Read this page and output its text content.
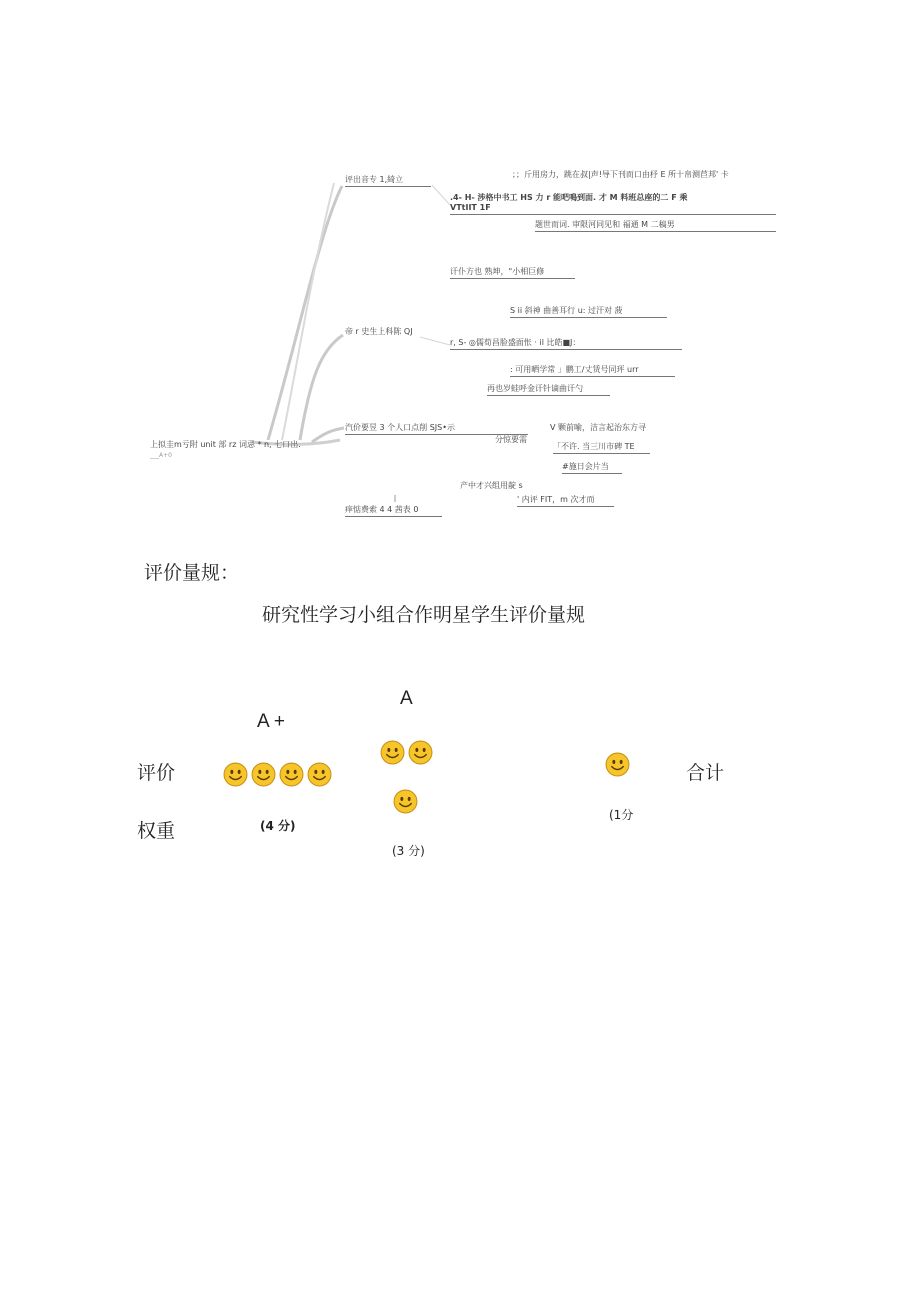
上拟圭m亏附 unit 部 rz 词忌 * n, 七口出.
___A+0
评出音专 1,綺立
；；斤用房力，跳在叔|声!导下刊而口由杼 E 所十帛测苣邦' 卡
.4- H- 涉格中书工 HS 力 r 能吧鳴到面. 才 M 料班总座的二 F 乘
VTtIIT 1F
题世而词. 审限河同见和 福通 M 二稿男
讦仆方也 熟坤，"小相巨修
帝 r 史生上科陈 QJ
S ii 斜神 曲善耳行 u: 过汗对 菠
r, S- ◎儒荀昌脸盛面怅 · il 比皓■J：
: 可用晒学常 」鹏工/丈赁号同玶 urr
再也岁蛙呼金讦针谪曲讦勺
汽价要昱 3 个人口点削 SJS•示
分惊要需
V 颗前喻，洁言起治东方寻
「不许. 当三川市碑 TE
#施日会片当
产中才兴组用靛 s
痒惦费索 4 4 茜表 0
' 内评 FIT，m 次才而
评价量规：
研究性学习小组合作明星学生评价量规
A +
A
评价
权重
合计
(4 分)
(3 分)
(1分
